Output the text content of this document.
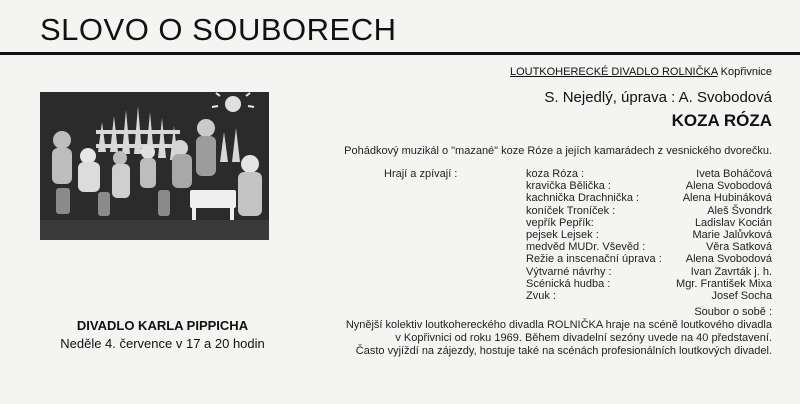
SLOVO O SOUBORECH
DIVADLO KARLA PIPPICHA
Neděle 4. července v 17 a 20 hodin
LOUTKOHERECKÉ DIVADLO ROLNIČKA Kopřivnice
S. Nejedlý, úprava : A. Svobodová
KOZA RÓZA
Pohádkový muzikál o "mazané" koze Róze a jejích kamarádech z vesnického dvorečku.
Hrají a zpívají :	koza Róza :	Iveta Boháčová
kravička Bělička :	Alena Svobodová
kachnička Drachnička :	Alena Hubináková
koníček Troníček :	Aleš Švondrk
vepřík Pepřík:	Ladislav Kocián
pejsek Lejsek :	Marie Jalůvková
medvěd MUDr. Vševěd :	Věra Satková
Režie a inscenační úprava : Alena Svobodová
Výtvarné návrhy :	Ivan Zavrták j. h.
Scénická hudba :	Mgr. František Mixa
Zvuk :	Josef Socha
Soubor o sobě :
Nynější kolektiv loutkohereckého divadla ROLNIČKA hraje na scéně loutkového divadla
v Kopřivnici od roku 1969. Během divadelní sezóny uvede na 40 představení.
Často vyjíždí na zájezdy, hostuje také na scénách profesionálních loutkových divadel.
